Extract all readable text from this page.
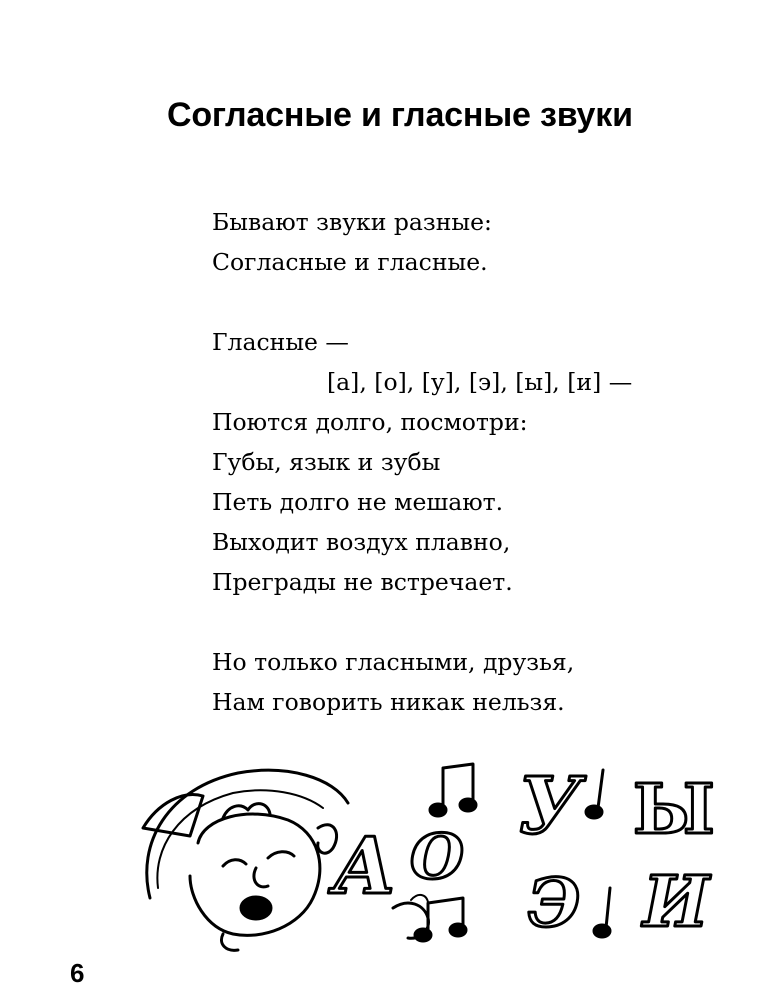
Согласные и гласные звуки
Бывают звуки разные:
Согласные и гласные.
Гласные —
[а], [о], [у], [э], [ы], [и] —
Поются долго, посмотри:
Губы, язык и зубы
Петь долго не мешают.
Выходит воздух плавно,
Преграды не встречает.
Но только гласными, друзья,
Нам говорить никак нельзя.
А О
У Ы
Э И
6
